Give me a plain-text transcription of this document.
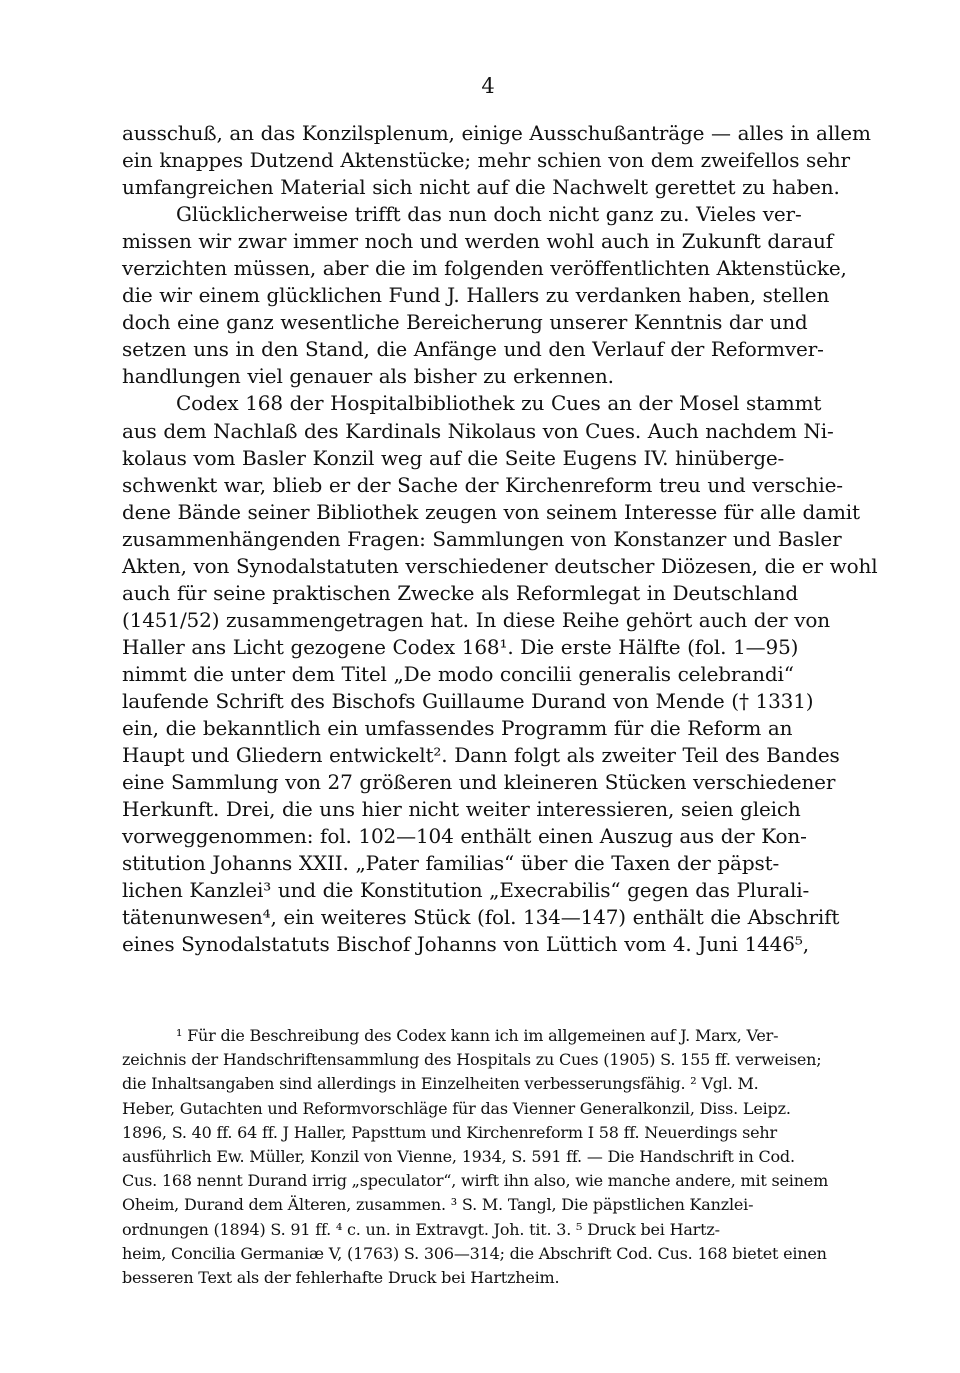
4
ausschuß, an das Konzilsplenum, einige Ausschußanträge — alles in allem
ein knappes Dutzend Aktenstücke; mehr schien von dem zweifellos sehr
umfangreichen Material sich nicht auf die Nachwelt gerettet zu haben.
Glücklicherweise trifft das nun doch nicht ganz zu. Vieles ver-
missen wir zwar immer noch und werden wohl auch in Zukunft darauf
verzichten müssen, aber die im folgenden veröffentlichten Aktenstücke,
die wir einem glücklichen Fund J. Hallers zu verdanken haben, stellen
doch eine ganz wesentliche Bereicherung unserer Kenntnis dar und
setzen uns in den Stand, die Anfänge und den Verlauf der Reformver-
handlungen viel genauer als bisher zu erkennen.
Codex 168 der Hospitalbibliothek zu Cues an der Mosel stammt
aus dem Nachlaß des Kardinals Nikolaus von Cues. Auch nachdem Ni-
kolaus vom Basler Konzil weg auf die Seite Eugens IV. hinüberge-
schwenkt war, blieb er der Sache der Kirchenreform treu und verschie-
dene Bände seiner Bibliothek zeugen von seinem Interesse für alle damit
zusammenhängenden Fragen: Sammlungen von Konstanzer und Basler
Akten, von Synodalstatuten verschiedener deutscher Diözesen, die er wohl
auch für seine praktischen Zwecke als Reformlegat in Deutschland
(1451/52) zusammengetragen hat. In diese Reihe gehört auch der von
Haller ans Licht gezogene Codex 168¹. Die erste Hälfte (fol. 1—95)
nimmt die unter dem Titel „De modo concilii generalis celebrandi“
laufende Schrift des Bischofs Guillaume Durand von Mende († 1331)
ein, die bekanntlich ein umfassendes Programm für die Reform an
Haupt und Gliedern entwickelt². Dann folgt als zweiter Teil des Bandes
eine Sammlung von 27 größeren und kleineren Stücken verschiedener
Herkunft. Drei, die uns hier nicht weiter interessieren, seien gleich
vorweggenommen: fol. 102—104 enthält einen Auszug aus der Kon-
stitution Johanns XXII. „Pater familias“ über die Taxen der päpst-
lichen Kanzlei³ und die Konstitution „Execrabilis“ gegen das Plurali-
tätenunwesen⁴, ein weiteres Stück (fol. 134—147) enthält die Abschrift
eines Synodalstatuts Bischof Johanns von Lüttich vom 4. Juni 1446⁵,
¹ Für die Beschreibung des Codex kann ich im allgemeinen auf J. Marx, Ver-
zeichnis der Handschriftensammlung des Hospitals zu Cues (1905) S. 155 ff. verweisen;
die Inhaltsangaben sind allerdings in Einzelheiten verbesserungsfähig. ² Vgl. M.
Heber, Gutachten und Reformvorschläge für das Vienner Generalkonzil, Diss. Leipz.
1896, S. 40 ff. 64 ff. J Haller, Papsttum und Kirchenreform I 58 ff. Neuerdings sehr
ausführlich Ew. Müller, Konzil von Vienne, 1934, S. 591 ff. — Die Handschrift in Cod.
Cus. 168 nennt Durand irrig „speculator“, wirft ihn also, wie manche andere, mit seinem
Oheim, Durand dem Älteren, zusammen. ³ S. M. Tangl, Die päpstlichen Kanzlei-
ordnungen (1894) S. 91 ff. ⁴ c. un. in Extravgt. Joh. tit. 3. ⁵ Druck bei Hartz-
heim, Concilia Germaniæ V, (1763) S. 306—314; die Abschrift Cod. Cus. 168 bietet einen
besseren Text als der fehlerhafte Druck bei Hartzheim.
